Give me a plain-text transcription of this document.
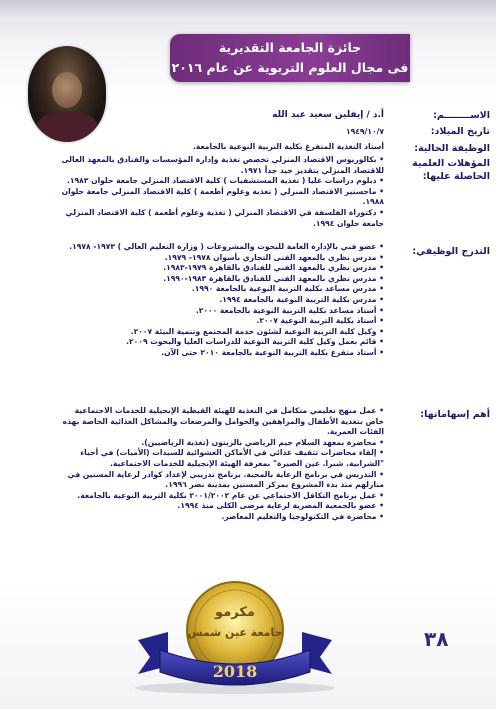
جائزة الجامعة التقديرية
فى مجال العلوم التربوية عن عام ٢٠١٦
الاســــــــم:
أ.د / إيفلين سعيد عبد الله
تاريخ الميلاد:
١٩٤٩/١٠/٧
الوظيفة الحالية:
أستاذ التغذية المتفرغ بكلية التربية النوعية بالجامعة.
المؤهلات العلمية الحاصلة عليها:

• بكالوريوس الاقتصاد المنزلي تخصص تغذية وإدارة المؤسسات والفنادق بالمعهد العالى للاقتصاد المنزلي بتقدير جيد جداً ١٩٧١.

• دبلوم دراسات عليا ( تغذية المستشفيات ) كلية الاقتصاد المنزلي جامعة حلوان ١٩٨٣.

• ماجستير الاقتصاد المنزلي ( تغذية وعلوم أطعمة ) كلية الاقتصاد المنزلي جامعة حلوان ١٩٨٨.

• دكتوراة الفلسفة في الاقتصاد المنزلي ( تغذية وعلوم أطعمة ) كلية الاقتصاد المنزلي جامعة حلوان ١٩٩٤.

التدرج الوظيفي:

• عضو فني بالإدارة العامة للبحوث والمشروعات ( وزارة التعليم العالي ) ١٩٧٣- ١٩٧٨.

• مدرس نظري بالمعهد الفنى التجاري بأسوان ١٩٧٨- ١٩٧٩.

• مدرس نظري بالمعهد الفني للفنادق بالقاهرة ١٩٧٩-١٩٨٣.

• مدرس نظري بالمعهد الفني للفنادق بالقاهرة ١٩٨٣-١٩٩٠.

• مدرس مساعد بكلية التربية النوعية بالجامعة ١٩٩٠.

• مدرس بكلية التربية النوعية بالجامعة ١٩٩٤.

• أستاذ مساعد بكلية التربية النوعية بالجامعة ٢٠٠٠.

• أستاذ بكلية التربية النوعية ٢٠٠٧.

• وكيل كلية التربية النوعية لشئون خدمة المجتمع وتنمية البيئة ٢٠٠٧.

• قائم بعمل وكيل كلية التربية النوعية للدراسات العليا والبحوث ٢٠٠٩.

• أستاذ متفرغ بكلية التربية النوعية بالجامعة ٢٠١٠ حتى الآن.

أهم إسهاماتها:

• عمل منهج تعليمي متكامل في التغذية للهيئة القبطية الإنجيلية للخدمات الاجتماعية خاص بتغذية الأطفال والمراهقين والحوامل والمرضعات والمشاكل الغذائية الخاصة بهذه الفئات العمرية.

• محاضرة بمعهد السلام جيم الرياضي بالزيتون (تغذية الرياضيين).

• إلقاء محاضرات تثقيف غذائي في الأماكن العشوائية للسيدات (الأميات) في أحياء "الشرابية. شبرا. عين الصيرة" بمعرفة الهيئة الإنجيلية للخدمات الاجتماعية.

• التدريس في برنامج الرعاية بالمحبة. برنامج تدريبي لإعداد كوادر لرعاية المسنين في منازلهم منذ بدء المشروع بمركز المسنين بمدينة نصر ١٩٩٦.

• عمل برنامج التكافل الاجتماعي عن عام ٢٠٠١/٢٠٠٢ بكلية التربية النوعية بالجامعة.

• عضو بالجمعية المصرية لرعاية مرضى الكلى منذ ١٩٩٤.

• محاضرة في التكنولوجيا والتعليم المعاصر.

مكرمو
جامعة عين شمس
2018
٣٨
